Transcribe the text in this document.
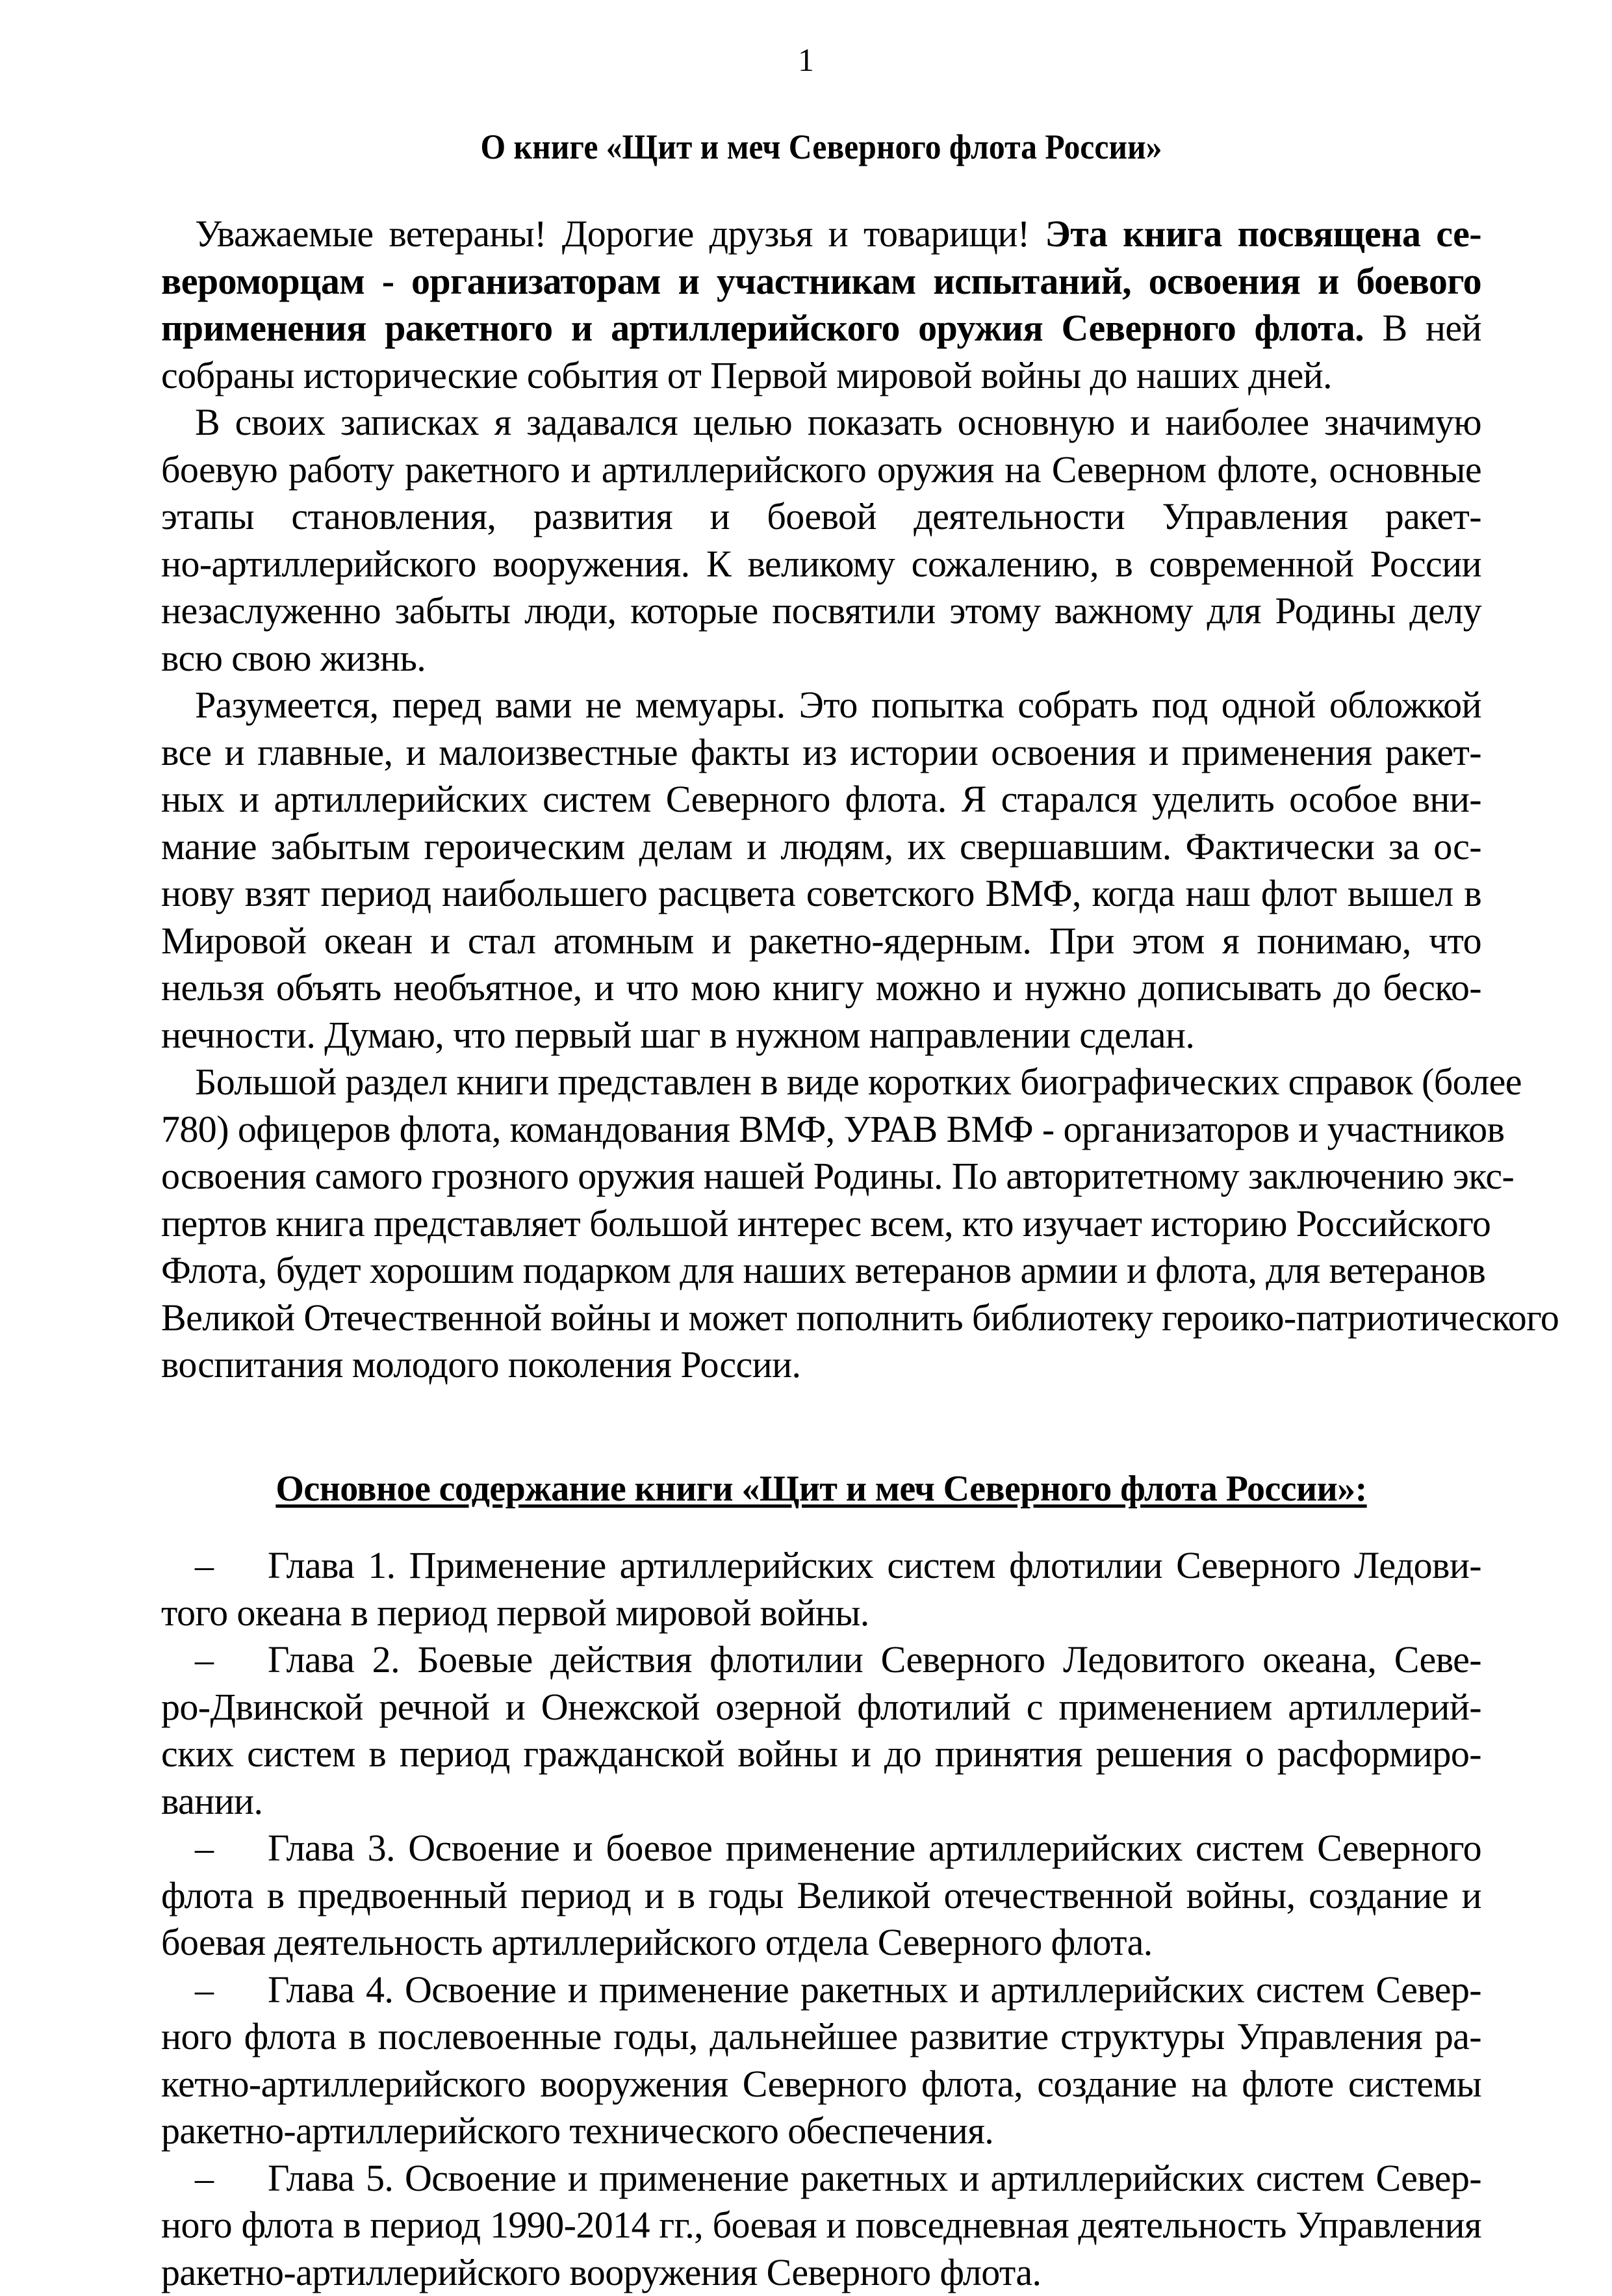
1
О книге «Щит и меч Северного флота России»

Уважаемые ветераны! Дорогие друзья и товарищи! Эта книга посвящена се-
вероморцам - организаторам и участникам испытаний, освоения и боевого
применения ракетного и артиллерийского оружия Северного флота. В ней
собраны исторические события от Первой мировой войны до наших дней.

В своих записках я задавался целью показать основную и наиболее значимую
боевую работу ракетного и артиллерийского оружия на Северном флоте, основные
этапы становления, развития и боевой деятельности Управления ракет-
но-артиллерийского вооружения. К великому сожалению, в современной России
незаслуженно забыты люди, которые посвятили этому важному для Родины делу
всю свою жизнь.

Разумеется, перед вами не мемуары. Это попытка собрать под одной обложкой
все и главные, и малоизвестные факты из истории освоения и применения ракет-
ных и артиллерийских систем Северного флота. Я старался уделить особое вни-
мание забытым героическим делам и людям, их свершавшим. Фактически за ос-
нову взят период наибольшего расцвета советского ВМФ, когда наш флот вышел в
Мировой океан и стал атомным и ракетно-ядерным. При этом я понимаю, что
нельзя объять необъятное, и что мою книгу можно и нужно дописывать до беско-
нечности. Думаю, что первый шаг в нужном направлении сделан.

Большой раздел книги представлен в виде коротких биографических справок (более
780) офицеров флота, командования ВМФ, УРАВ ВМФ - организаторов и участников
освоения самого грозного оружия нашей Родины. По авторитетному заключению экс-
пертов книга представляет большой интерес всем, кто изучает историю Российского
Флота, будет хорошим подарком для наших ветеранов армии и флота, для ветеранов
Великой Отечественной войны и может пополнить библиотеку героико-патриотического
воспитания молодого поколения России.

Основное содержание книги «Щит и меч Северного флота России»:
– Глава 1. Применение артиллерийских систем флотилии Северного Ледови-
того океана в период первой мировой войны.
– Глава 2. Боевые действия флотилии Северного Ледовитого океана, Севе-
ро-Двинской речной и Онежской озерной флотилий с применением артиллерий-
ских систем в период гражданской войны и до принятия решения о расформиро-
вании.
– Глава 3. Освоение и боевое применение артиллерийских систем Северного
флота в предвоенный период и в годы Великой отечественной войны, создание и
боевая деятельность артиллерийского отдела Северного флота.
– Глава 4. Освоение и применение ракетных и артиллерийских систем Север-
ного флота в послевоенные годы, дальнейшее развитие структуры Управления ра-
кетно-артиллерийского вооружения Северного флота, создание на флоте системы
ракетно-артиллерийского технического обеспечения.
– Глава 5. Освоение и применение ракетных и артиллерийских систем Север-
ного флота в период 1990-2014 гг., боевая и повседневная деятельность Управления
ракетно-артиллерийского вооружения Северного флота.
